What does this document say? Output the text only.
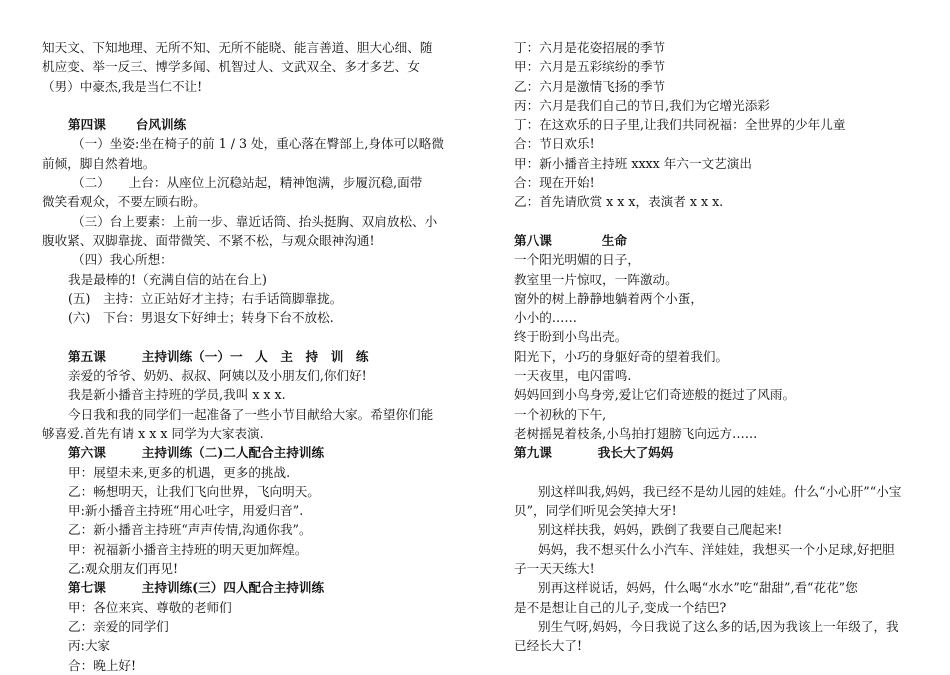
知天文、下知地理、无所不知、无所不能晓、能言善道、胆大心细、随
机应变、举一反三、博学多闻、机智过人、文武双全、多才多艺、女
（男）中豪杰,我是当仁不让!
第四课 台风训练
（一）坐姿:坐在椅子的前 1 / 3 处，重心落在臀部上,身体可以略微
前倾，脚自然着地。
（二）　　上台：从座位上沉稳站起，精神饱满，步履沉稳,面带
微笑看观众，不要左顾右盼。
（三）台上要素：上前一步、靠近话筒、抬头挺胸、双肩放松、小
腹收紧、双脚靠拢、面带微笑、不紧不松，与观众眼神沟通!
（四）我心所想：
我是最棒的!（充满自信的站在台上)
(五)　主持：立正站好才主持；右手话筒脚靠拢。
(六)　下台：男退女下好绅士；转身下台不放松.
第五课	主持训练（一）一　人　主　持　训　练
亲爱的爷爷、奶奶、叔叔、阿姨以及小朋友们,你们好!
我是新小播音主持班的学员,我叫 x x x.
今日我和我的同学们一起准备了一些小节目献给大家。希望你们能
够喜爱.首先有请 x x x 同学为大家表演.
第六课	主持训练（二)二人配合主持训练
甲：展望未来,更多的机遇，更多的挑战.
乙：畅想明天，让我们飞向世界，飞向明天。
甲:新小播音主持班“用心吐字，用爱归音”.
乙：新小播音主持班“声声传情,沟通你我”。
甲：祝福新小播音主持班的明天更加辉煌。
乙:观众朋友们再见!
第七课	主持训练(三）四人配合主持训练
甲：各位来宾、尊敬的老师们
乙：亲爱的同学们
丙:大家
合：晚上好!
丁：六月是花姿招展的季节
甲：六月是五彩缤纷的季节
乙：六月是激情飞扬的季节
丙：六月是我们自己的节日,我们为它增光添彩
丁：在这欢乐的日子里,让我们共同祝福：全世界的少年儿童
合：节日欢乐!
甲：新小播音主持班 xxxx 年六一文艺演出
合：现在开始!
乙：首先请欣赏 x x x，表演者 x x x.
第八课	生命
一个阳光明媚的日子，
教室里一片惊叹，一阵激动。
窗外的树上静静地躺着两个小蛋，
小小的……
终于盼到小鸟出壳。
阳光下，小巧的身躯好奇的望着我们。
一天夜里，电闪雷鸣.
妈妈回到小鸟身旁,爱让它们奇迹般的挺过了风雨。
一个初秋的下午,
老树摇晃着枝条,小鸟拍打翅膀飞向远方……
第九课	我长大了妈妈
别这样叫我,妈妈，我已经不是幼儿园的娃娃。什么“小心肝”“小宝
贝”，同学们听见会笑掉大牙!
别这样扶我，妈妈，跌倒了我要自己爬起来!
妈妈，我不想买什么小汽车、洋娃娃，我想买一个小足球,好把胆
子一天天练大!
别再这样说话，妈妈，什么喝“水水”吃“甜甜”,看“花花”您
是不是想让自己的儿子,变成一个结巴?
别生气呀,妈妈，今日我说了这么多的话,因为我该上一年级了，我
已经长大了!
